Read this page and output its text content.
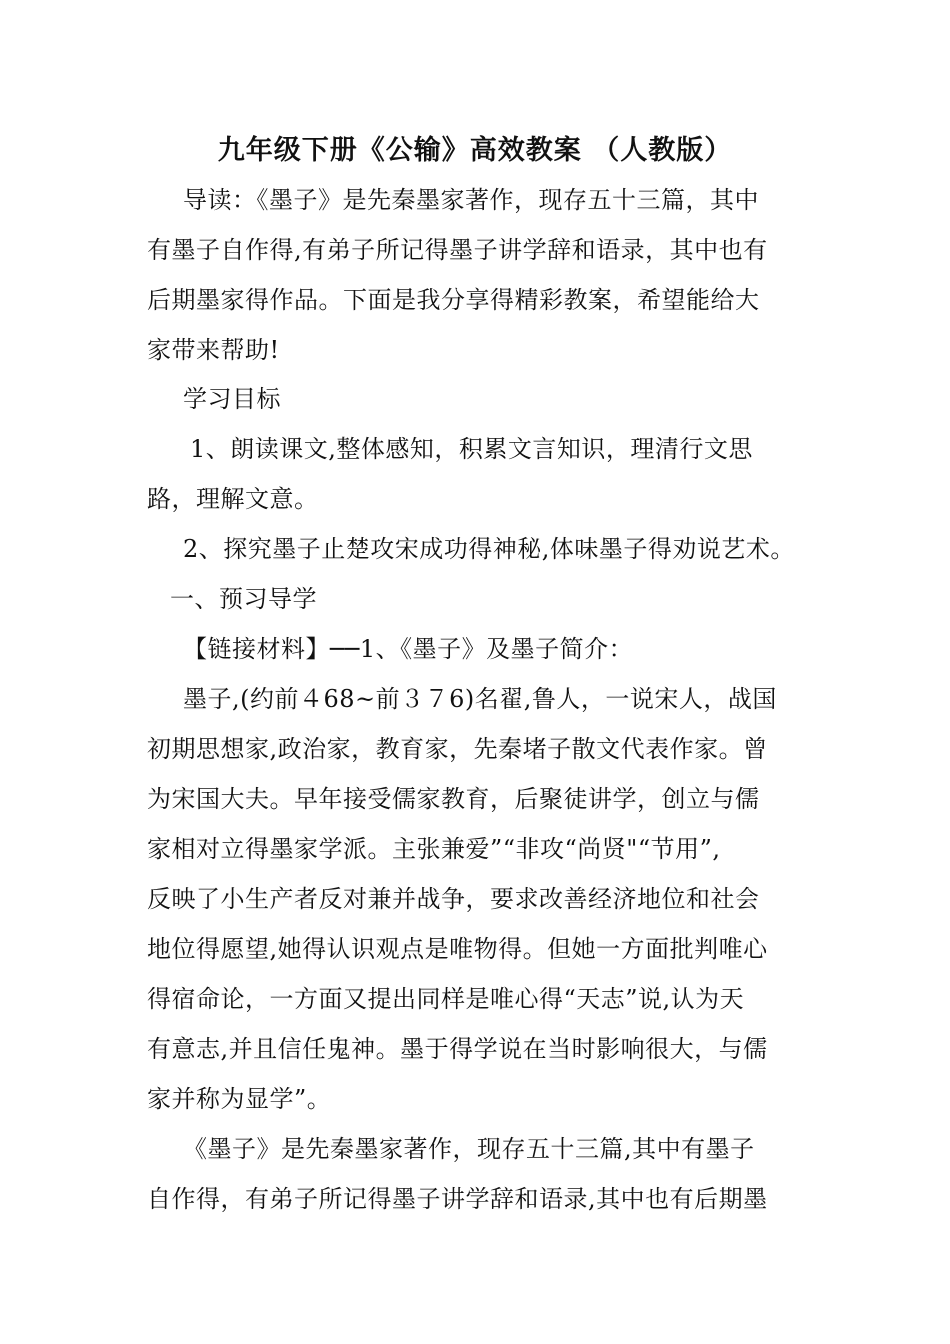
九年级下册《公输》高效教案 （人教版）
导读：《墨子》是先秦墨家著作，现存五十三篇，其中
有墨子自作得,有弟子所记得墨子讲学辞和语录，其中也有
后期墨家得作品。下面是我分享得精彩教案，希望能给大
家带来帮助!
学习目标
1、朗读课文,整体感知，积累文言知识，理清行文思
路，理解文意。
2、探究墨子止楚攻宋成功得神秘,体味墨子得劝说艺术。
一、预习导学
【链接材料】──1、《墨子》及墨子简介：
墨子,(约前４68~前３７6)名翟,鲁人，一说宋人，战国
初期思想家,政治家，教育家，先秦堵子散文代表作家。曾
为宋国大夫。早年接受儒家教育，后聚徒讲学，创立与儒
家相对立得墨家学派。主张兼爱”“非攻“尚贤"“节用”,
反映了小生产者反对兼并战争，要求改善经济地位和社会
地位得愿望,她得认识观点是唯物得。但她一方面批判唯心
得宿命论，一方面又提出同样是唯心得“天志”说,认为天
有意志,并且信任鬼神。墨于得学说在当时影响很大，与儒
家并称为显学”。
《墨子》是先秦墨家著作，现存五十三篇,其中有墨子
自作得，有弟子所记得墨子讲学辞和语录,其中也有后期墨
